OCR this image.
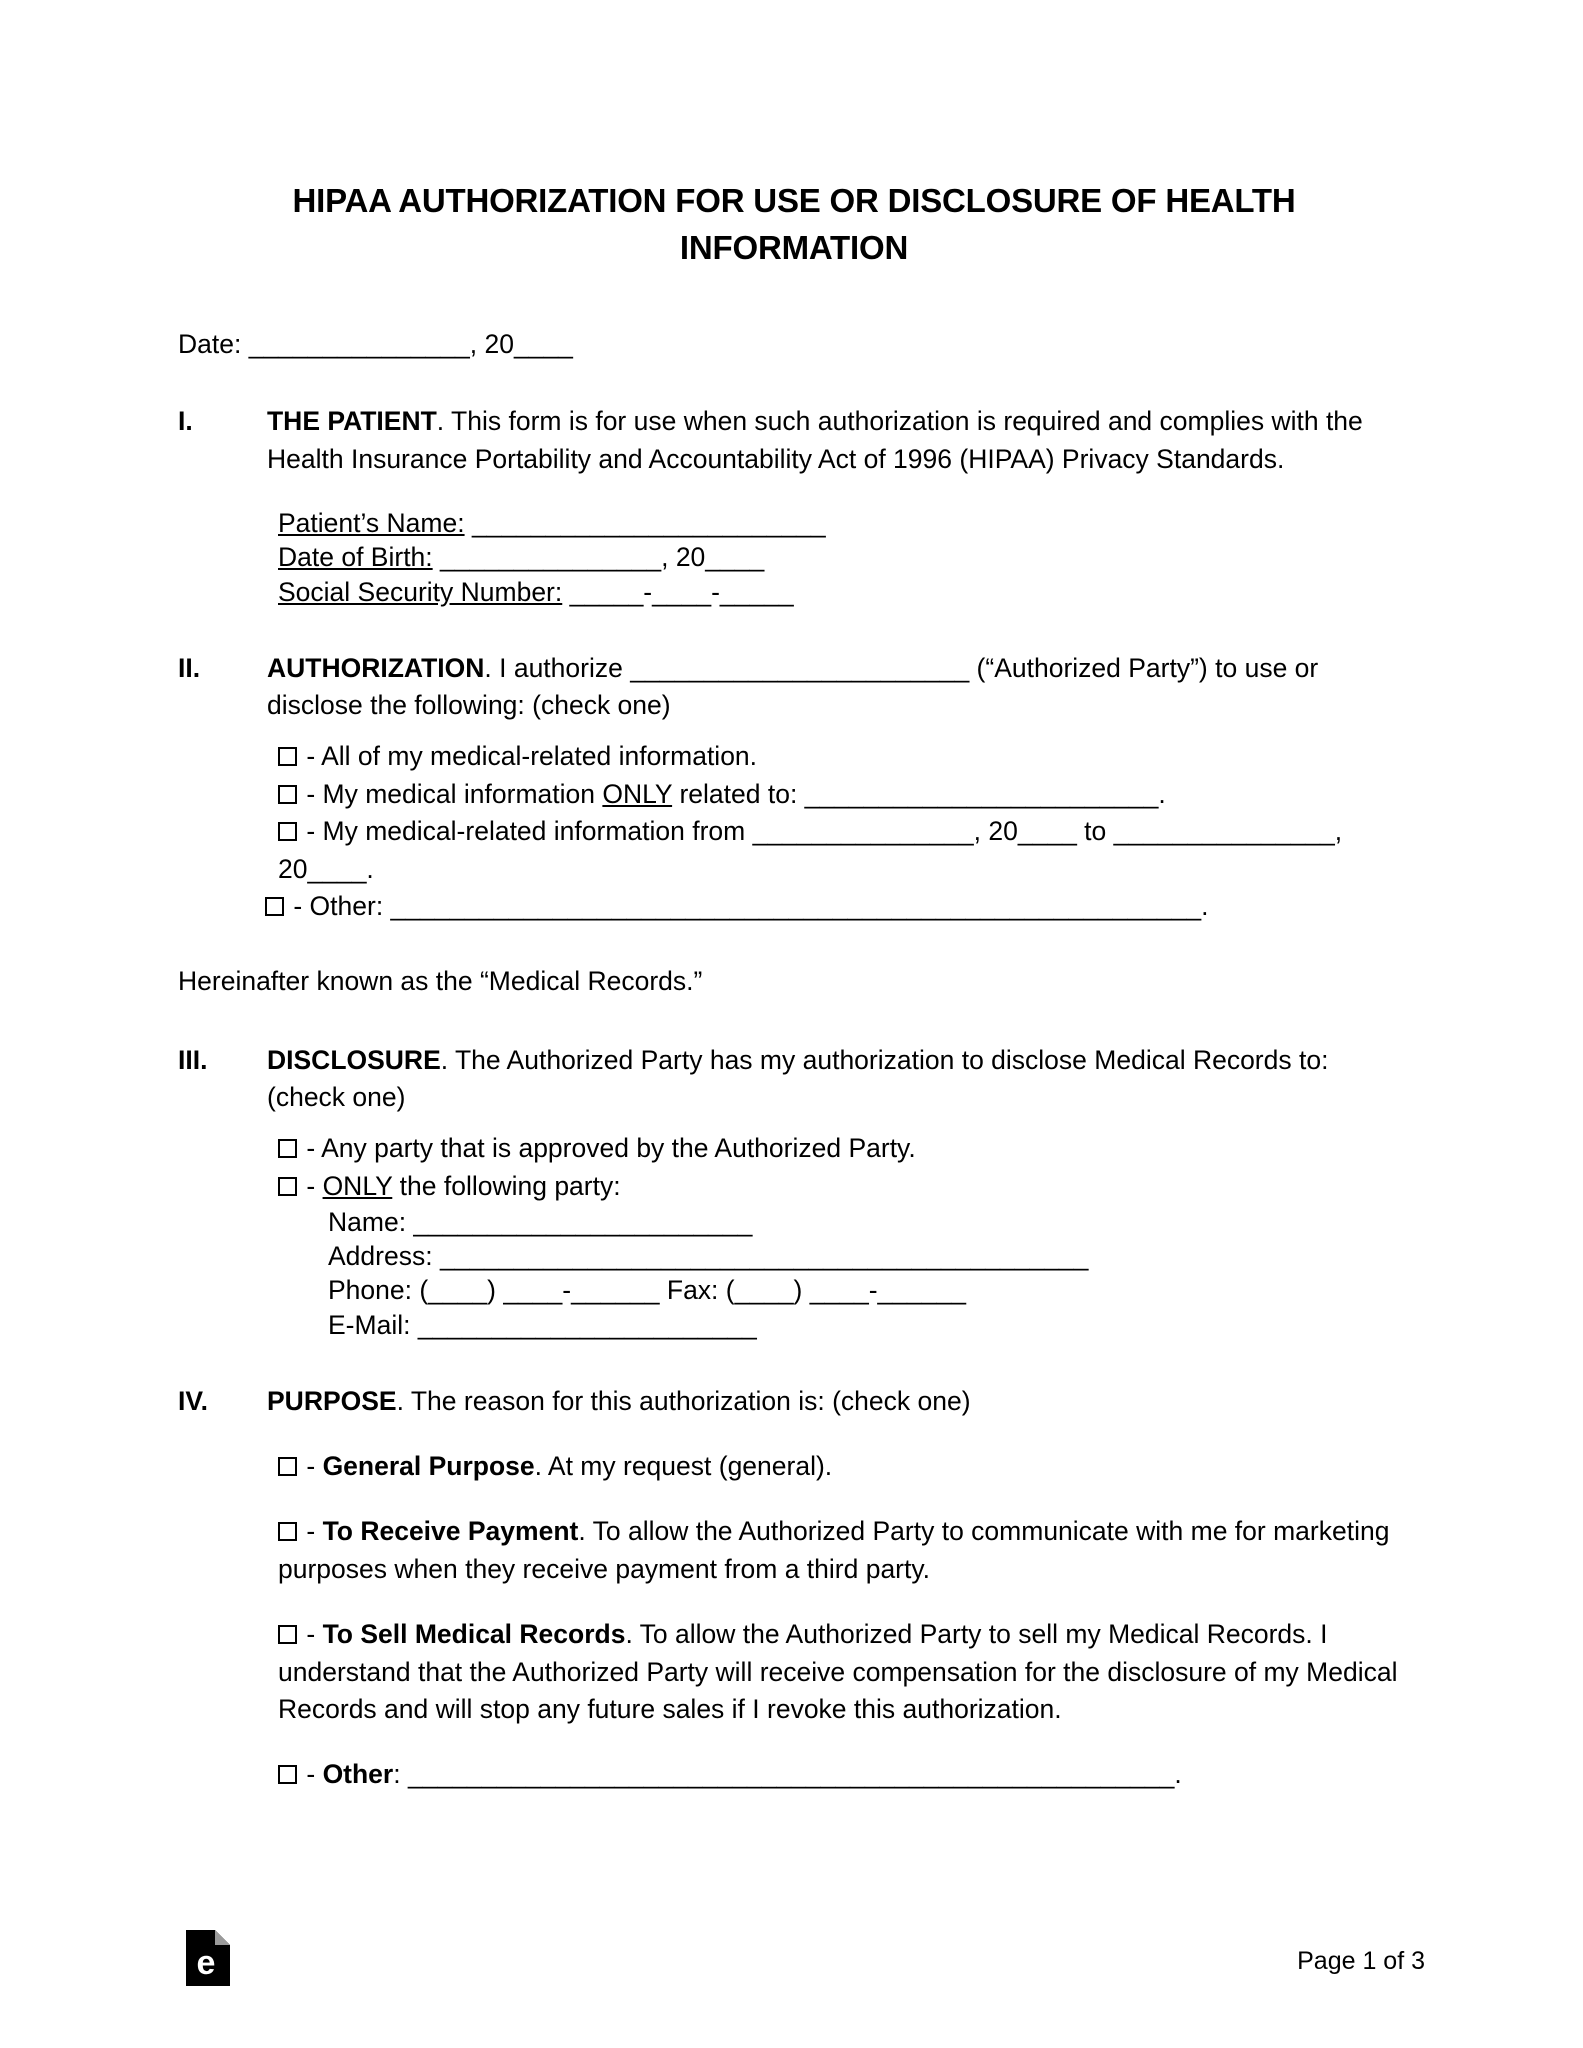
HIPAA AUTHORIZATION FOR USE OR DISCLOSURE OF HEALTH INFORMATION
Date: _______________, 20____
I.	THE PATIENT. This form is for use when such authorization is required and complies with the Health Insurance Portability and Accountability Act of 1996 (HIPAA) Privacy Standards.
Patient’s Name: ________________________
Date of Birth: _______________, 20____
Social Security Number: _____-____-_____
II.	AUTHORIZATION. I authorize _______________________ (“Authorized Party”) to use or disclose the following: (check one)
- All of my medical-related information.
- My medical information ONLY related to: ________________________.
- My medical-related information from _______________, 20____ to _______________, 20____.
- Other: _______________________________________________________.
Hereinafter known as the “Medical Records.”
III.	DISCLOSURE. The Authorized Party has my authorization to disclose Medical Records to: (check one)
- Any party that is approved by the Authorized Party.
- ONLY the following party:
Name: _______________________
Address: ____________________________________________
Phone: (____) ____-______ Fax: (____) ____-______
E-Mail: _______________________
IV.	PURPOSE. The reason for this authorization is: (check one)
- General Purpose. At my request (general).
- To Receive Payment. To allow the Authorized Party to communicate with me for marketing purposes when they receive payment from a third party.
- To Sell Medical Records. To allow the Authorized Party to sell my Medical Records. I understand that the Authorized Party will receive compensation for the disclosure of my Medical Records and will stop any future sales if I revoke this authorization.
- Other: ____________________________________________________.
e	Page 1 of 3
